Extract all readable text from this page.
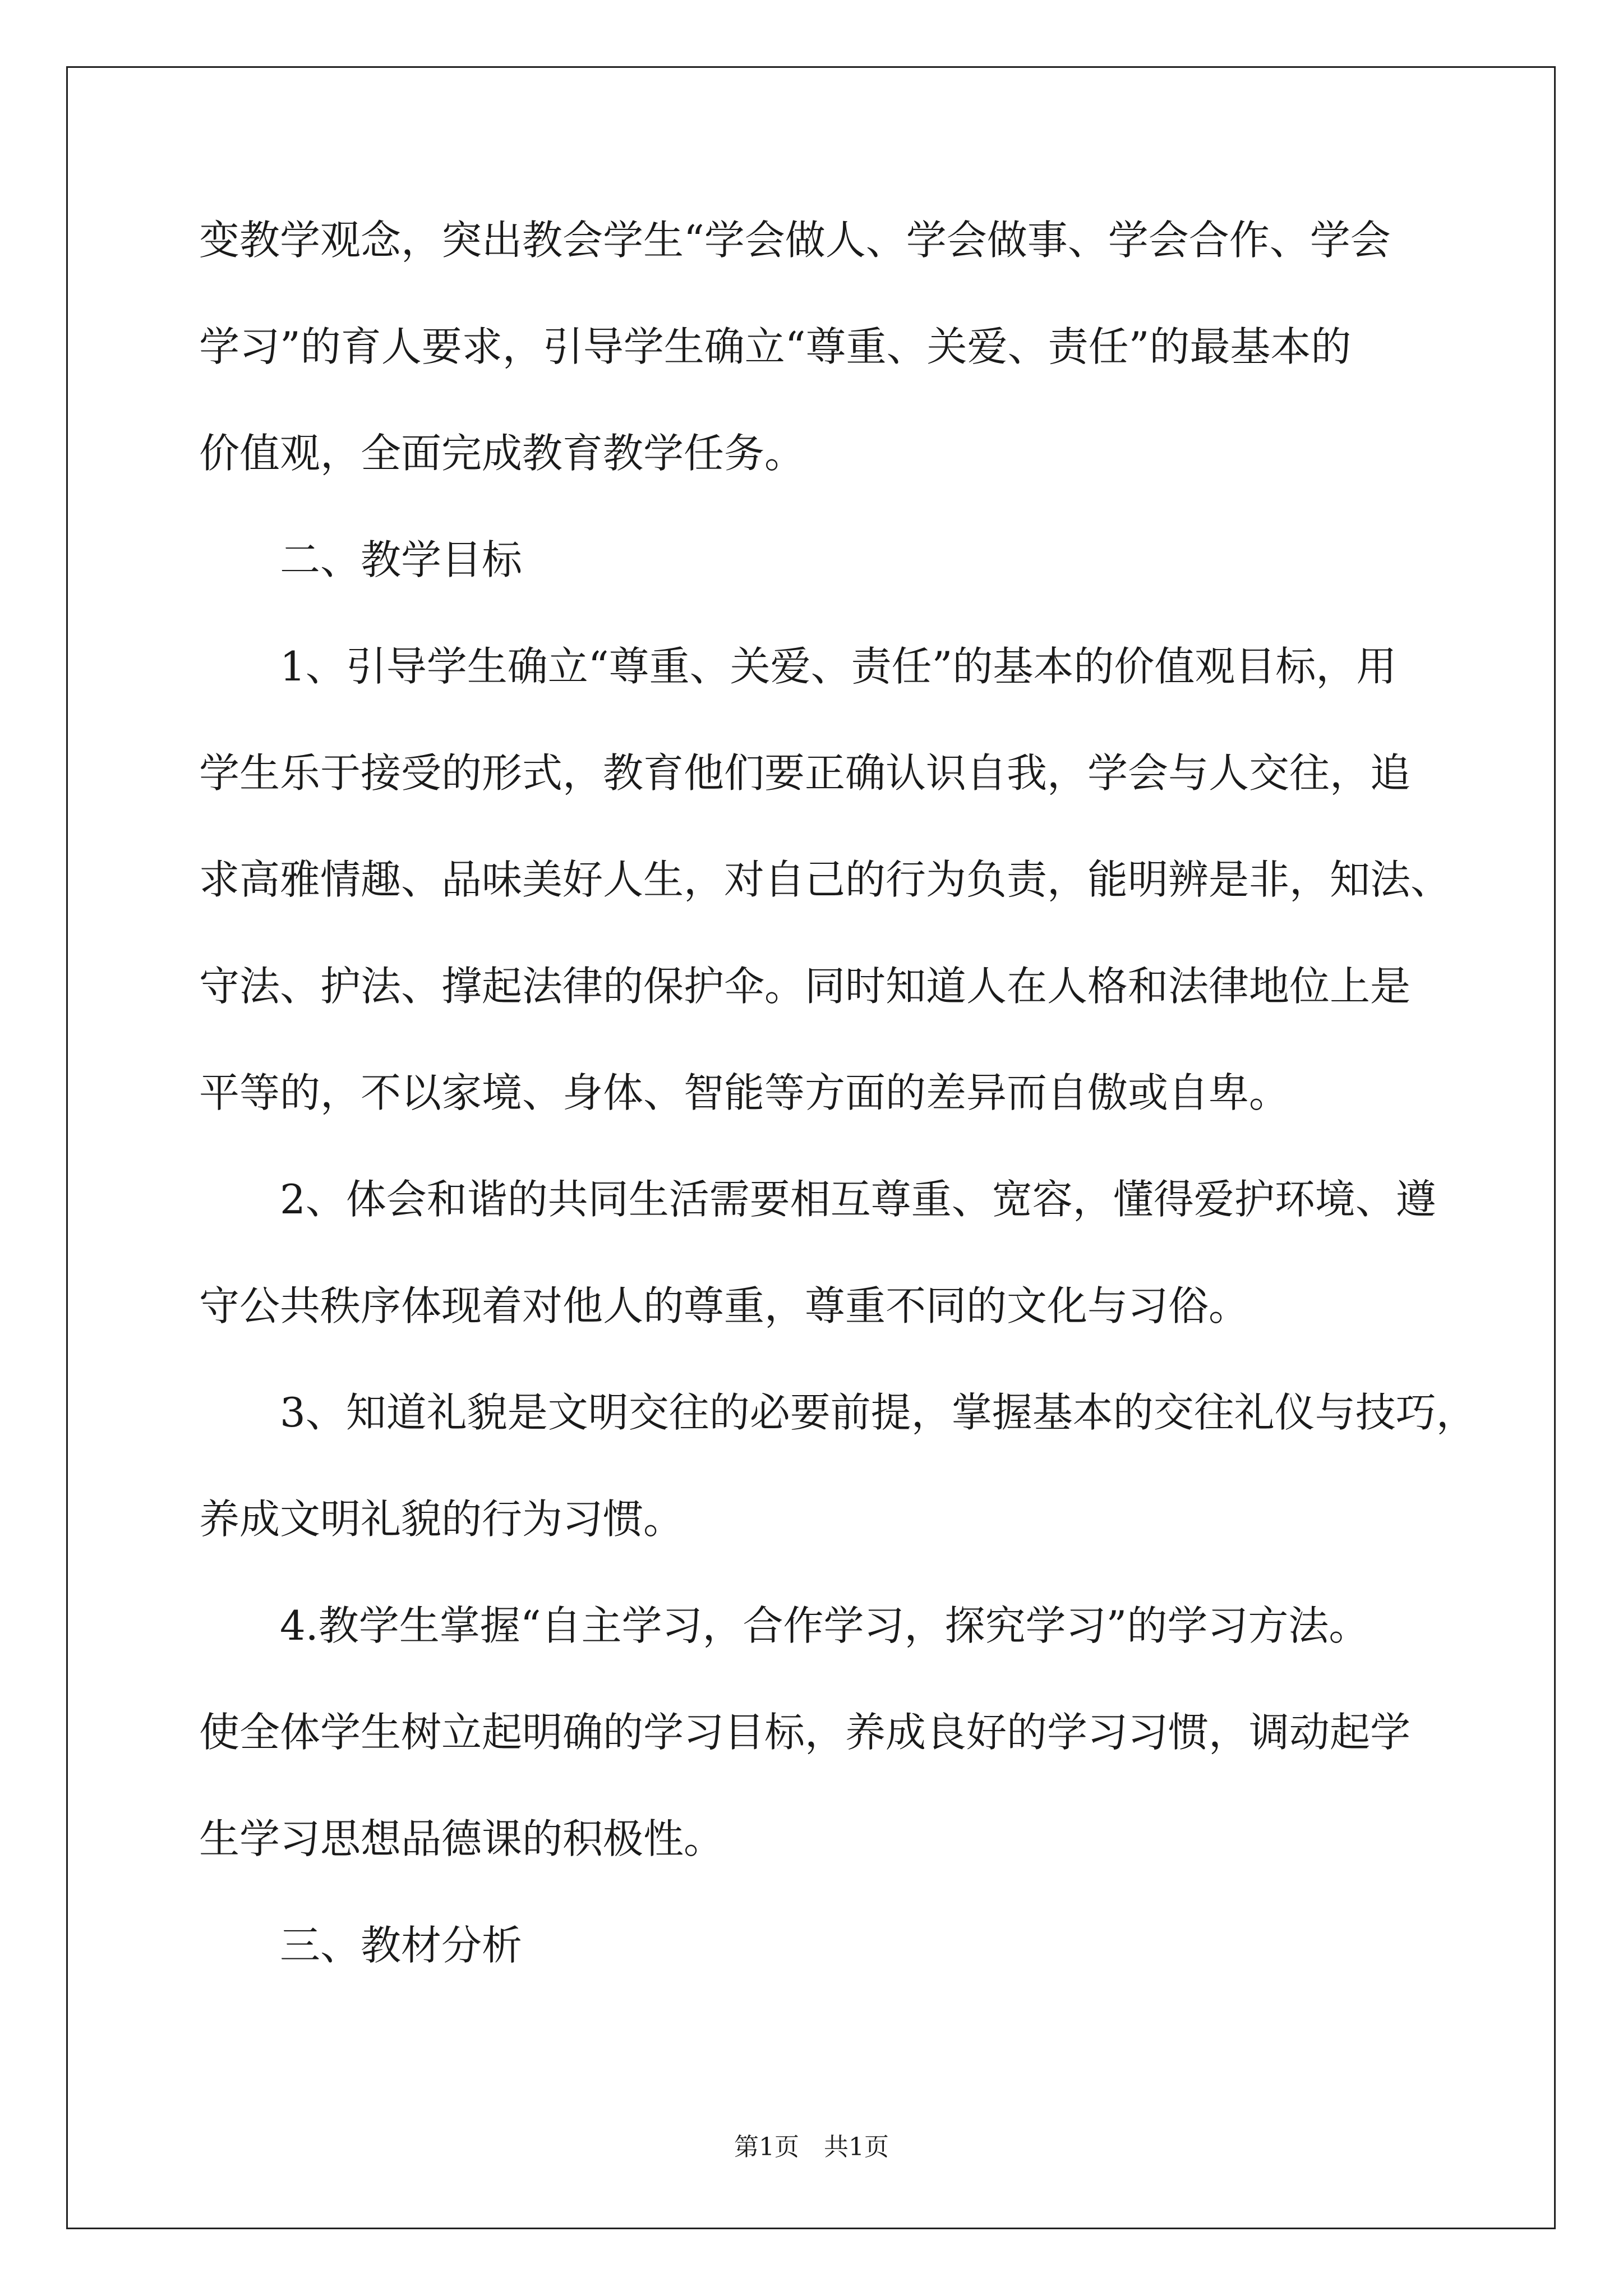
变教学观念，突出教会学生“学会做人、学会做事、学会合作、学会

学习”的育人要求，引导学生确立“尊重、关爱、责任”的最基本的

价值观，全面完成教育教学任务。

　　二、教学目标

　　1、引导学生确立“尊重、关爱、责任”的基本的价值观目标，用

学生乐于接受的形式，教育他们要正确认识自我，学会与人交往，追

求高雅情趣、品味美好人生，对自己的行为负责，能明辨是非，知法、

守法、护法、撑起法律的保护伞。同时知道人在人格和法律地位上是

平等的，不以家境、身体、智能等方面的差异而自傲或自卑。

　　2、体会和谐的共同生活需要相互尊重、宽容，懂得爱护环境、遵

守公共秩序体现着对他人的尊重，尊重不同的文化与习俗。

　　3、知道礼貌是文明交往的必要前提，掌握基本的交往礼仪与技巧，

养成文明礼貌的行为习惯。

　　4.教学生掌握“自主学习，合作学习，探究学习”的学习方法。

使全体学生树立起明确的学习目标，养成良好的学习习惯，调动起学

生学习思想品德课的积极性。

　　三、教材分析

第1页　共1页
